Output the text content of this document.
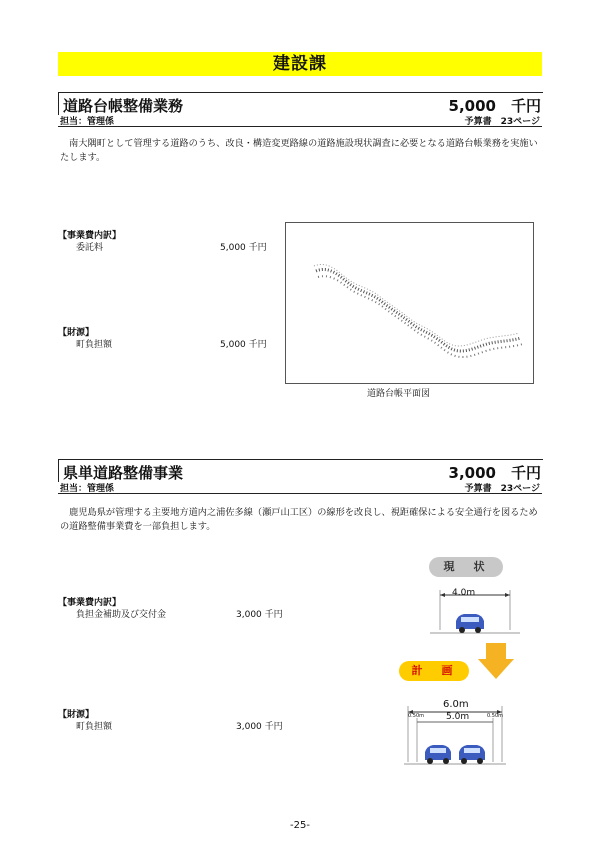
建設課
道路台帳整備業務	5,000　千円
担当：管理係	予算書　23ページ
　南大隅町として管理する道路のうち、改良・構造変更路線の道路施設現状調査に必要となる道路台帳業務を実施いたします。
【事業費内訳】
委託料	5,000 千円
【財源】
町負担額	5,000 千円
道路台帳平面図
県単道路整備事業	3,000　千円
担当：管理係	予算書　23ページ
　鹿児島県が管理する主要地方道内之浦佐多線（瀬戸山工区）の線形を改良し、視距確保による安全通行を図るための道路整備事業費を一部負担します。
【事業費内訳】
負担金補助及び交付金	3,000 千円
【財源】
町負担額	3,000 千円
現　状
4.0m
計　画
6.0m
5.0m
0.50m	0.50m
-25-
